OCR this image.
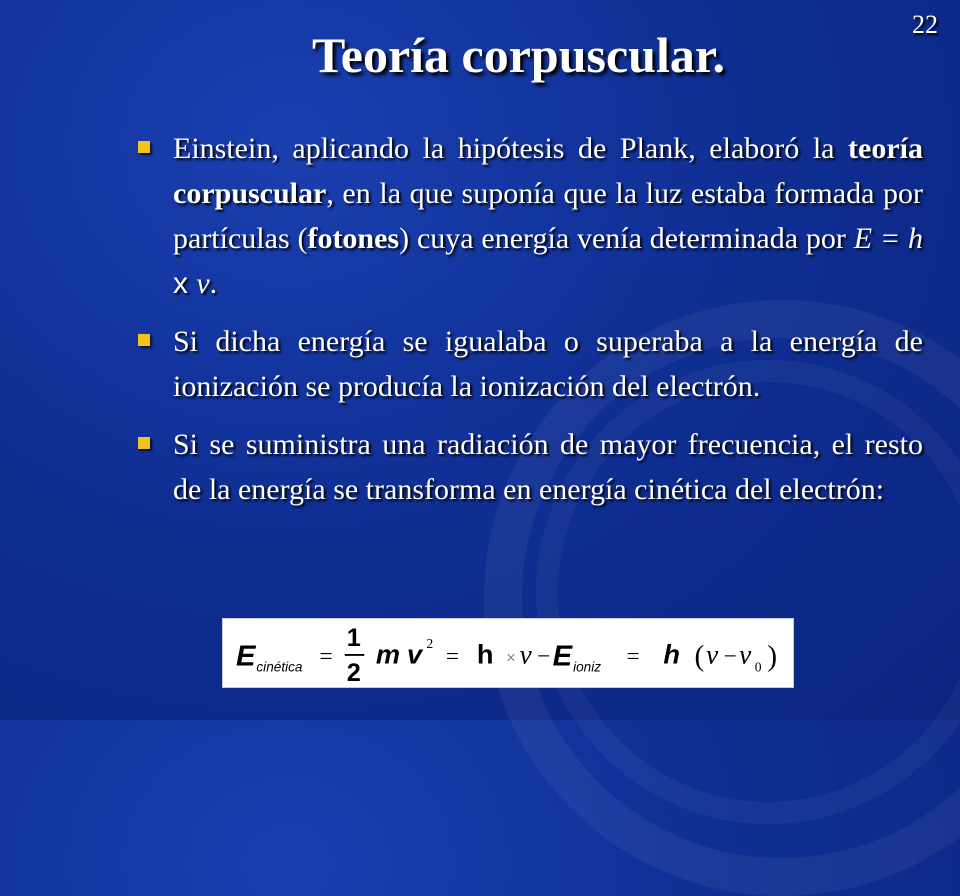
22
Teoría corpuscular.
Einstein, aplicando la hipótesis de Plank, elaboró la teoría corpuscular, en la que suponía que la luz estaba formada por partículas (fotones) cuya energía venía determinada por E = h x ν.
Si dicha energía se igualaba o superaba a la energía de ionización se producía la ionización del electrón.
Si se suministra una radiación de mayor frecuencia, el resto de la energía se transforma en energía cinética del electrón:
E cinética =
1
2
m v 2
= h × ν − E ioniz = h ( ν − ν 0 )
